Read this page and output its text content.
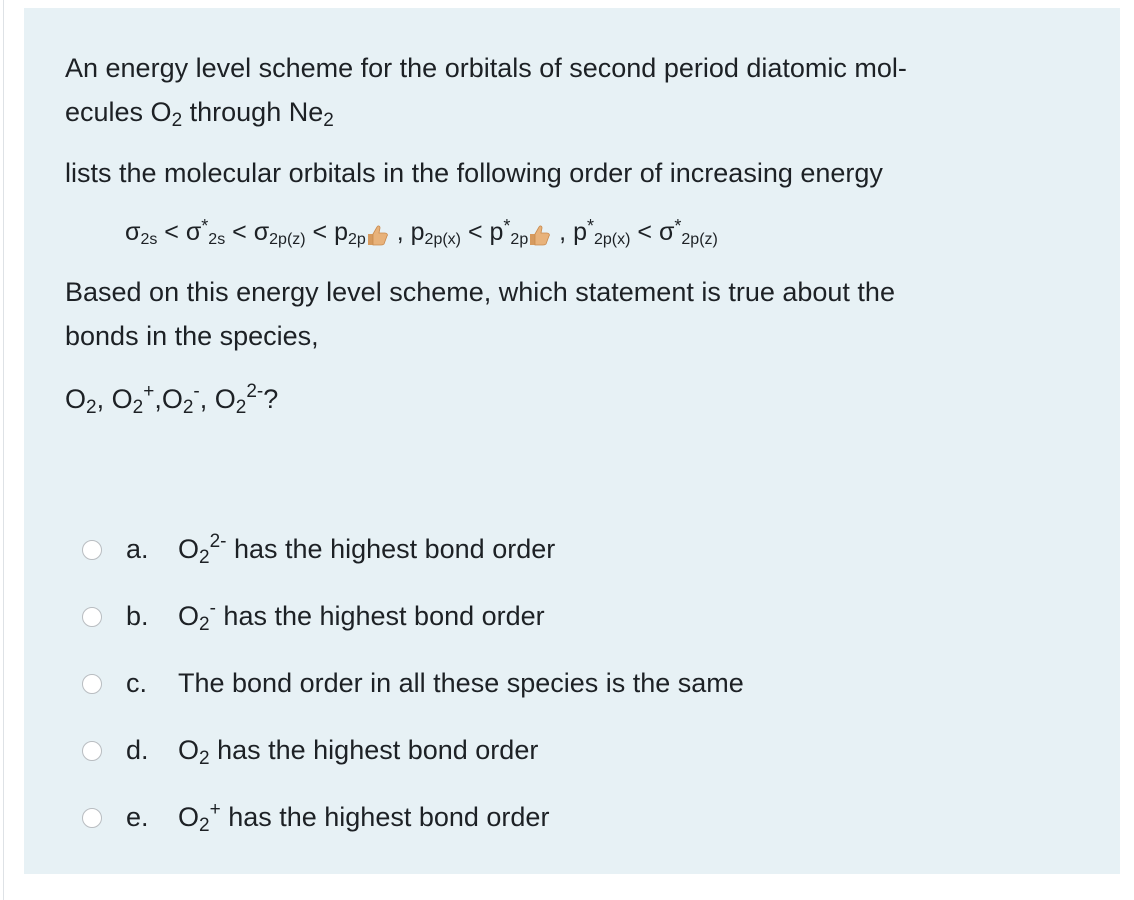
An energy level scheme for the orbitals of second period diatomic mol-
ecules $O_2$ through $Ne_2$
lists the molecular orbitals in the following order of increasing energy
$\sigma_{2s} < \sigma^*_{2s} < \sigma_{2p(z)} < p_{2p}$ , $p_{2p(x)} < p^*_{2p}$ , $p^*_{2p(x)} < \sigma^*_{2p(z)}$
Based on this energy level scheme, which statement is true about the
bonds in the species,
$O_2$, $O_2^+,O_2^-$, $O_2^{2-}$?
a.	$O_2^{2-}$ has the highest bond order
b.	$O_2^-$ has the highest bond order
c.	The bond order in all these species is the same
d.	$O_2$ has the highest bond order
e.	$O_2^+$ has the highest bond order
